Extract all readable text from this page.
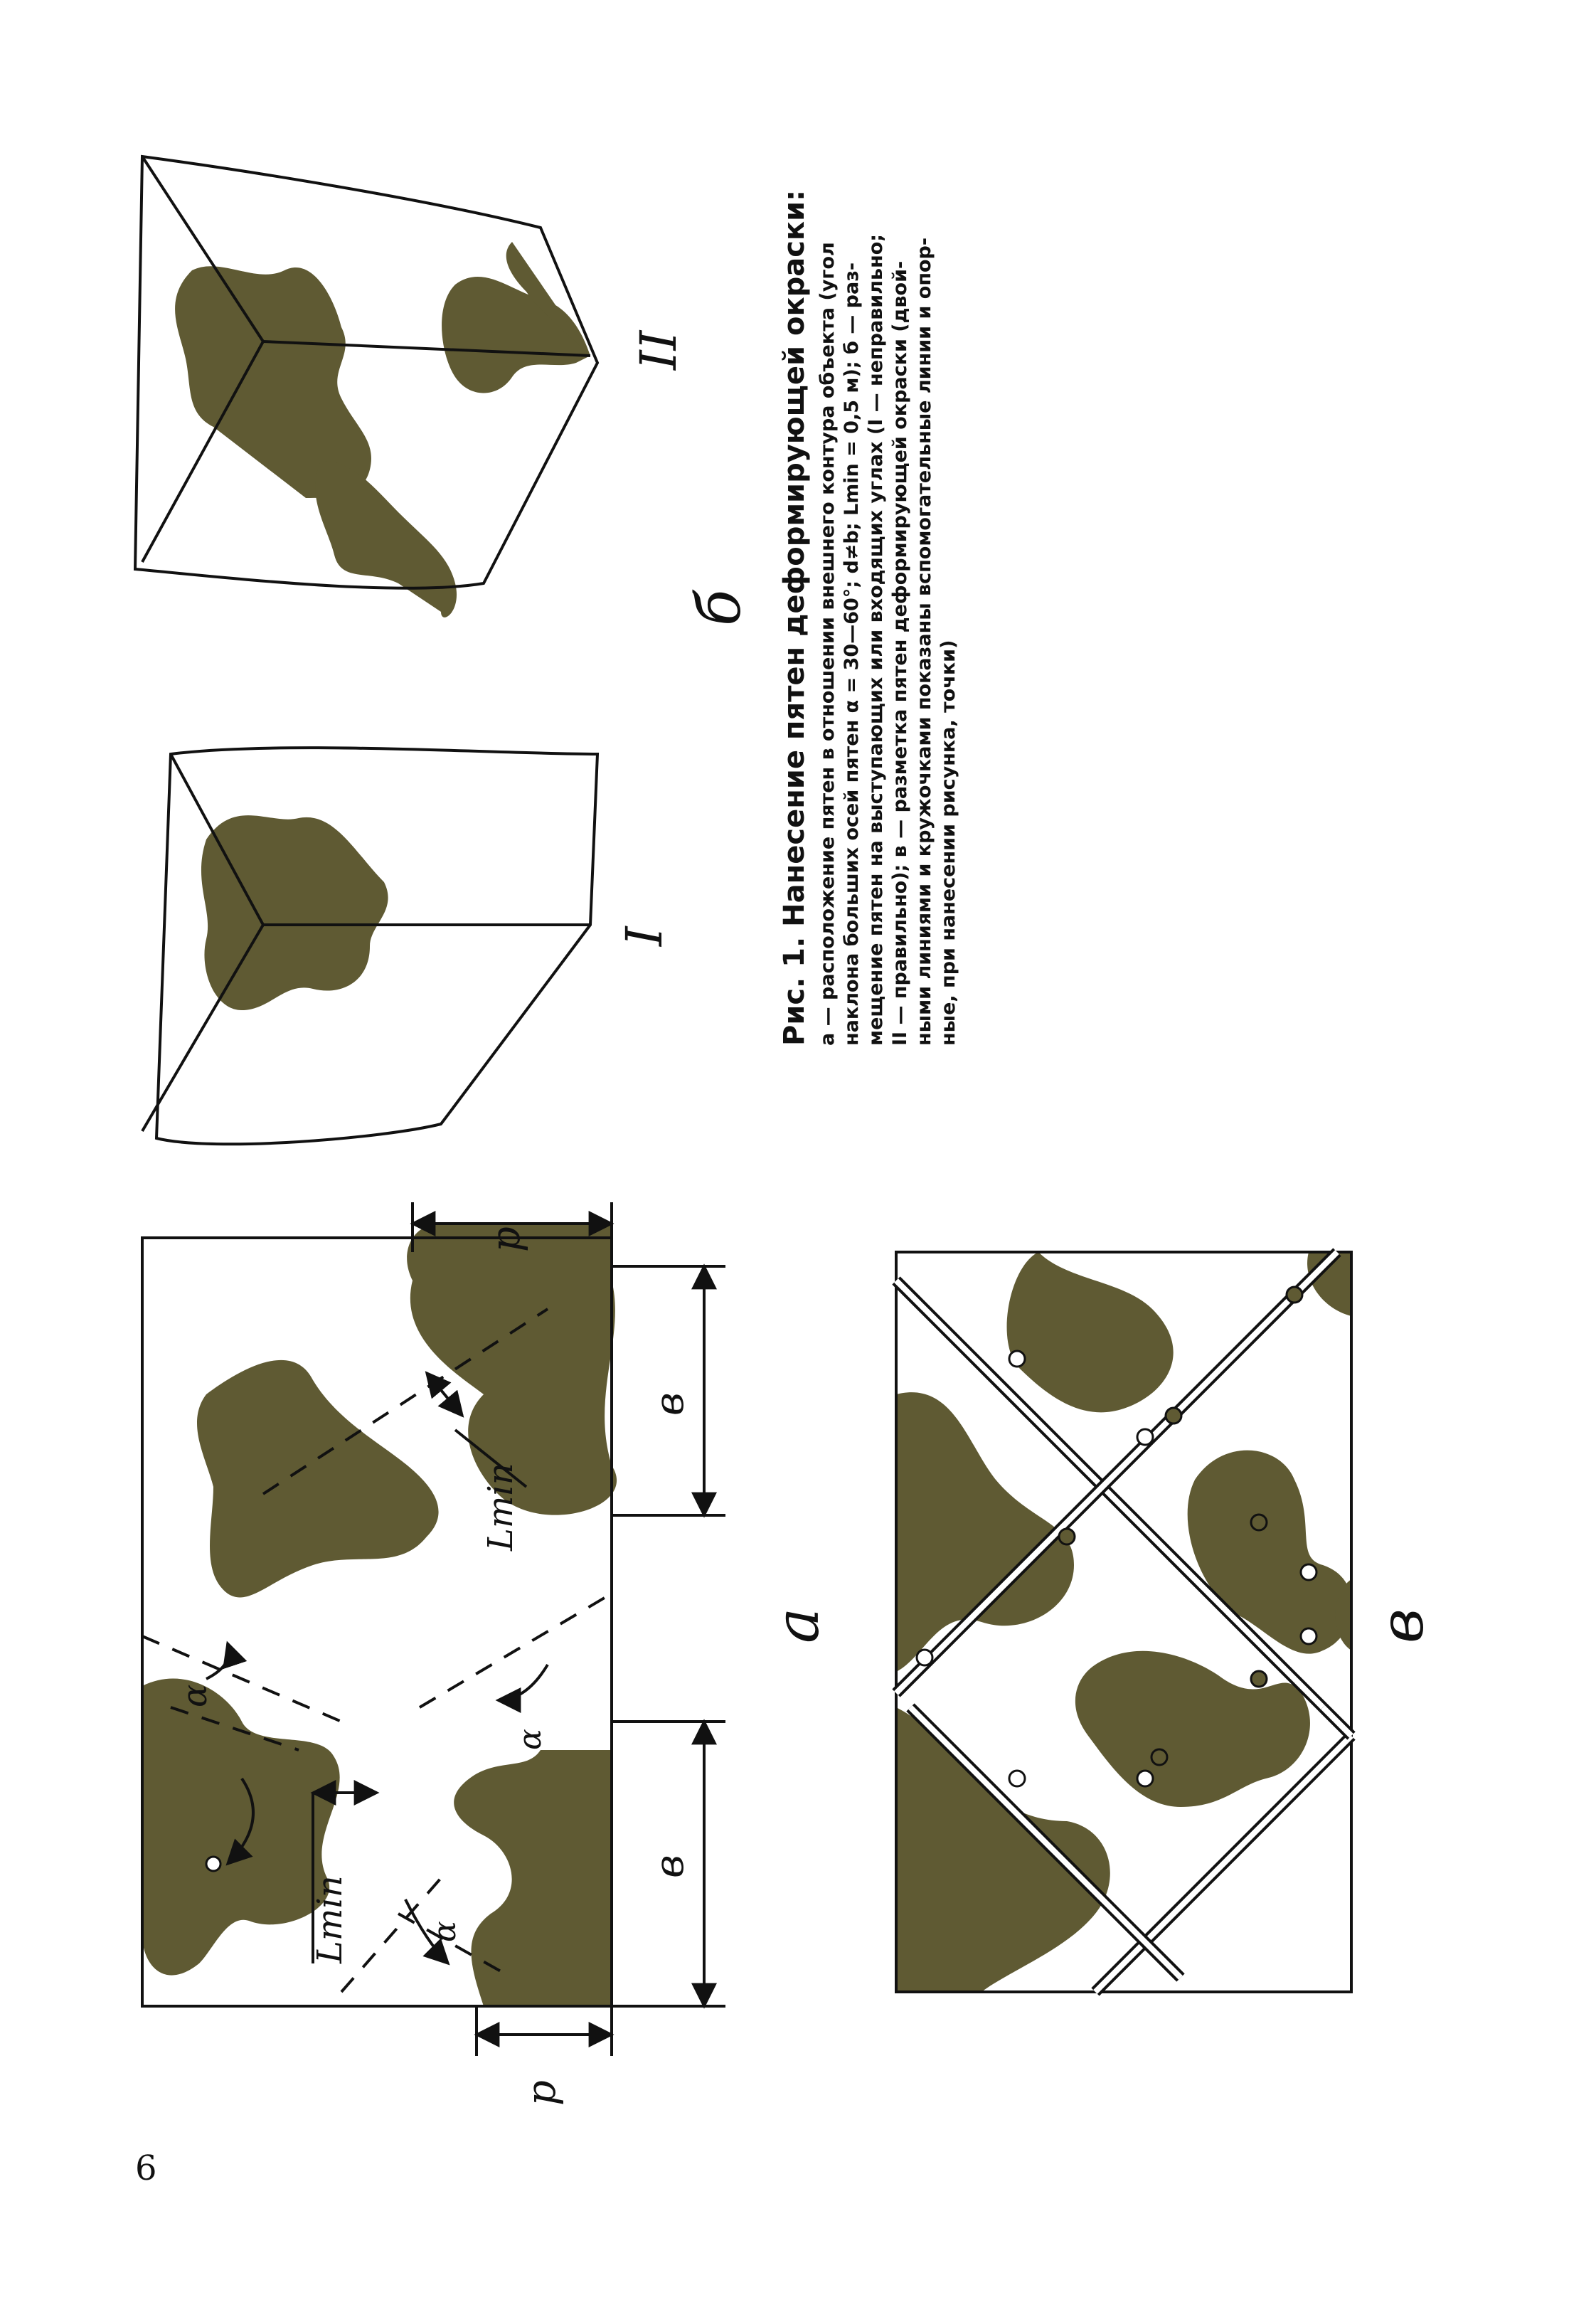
р
р
в
в
α
α
α
Lmin
Lmin
а	в
I
II
б Рис. 1. Нанесение пятен деформирующей окраски: а — расположение пятен в отношении внешнего контура объекта (угол наклона больших осей пятен α = 30—60°; d≠b; Lmin = 0,5 м); б — раз- мещение пятен на выступающих или входящих углах (I — неправильно; II — правильно); в — разметка пятен деформирующей окраски (двой- ными линиями и кружочками показаны вспомогательные линии и опор- ные, при нанесении рисунка, точки)
6
